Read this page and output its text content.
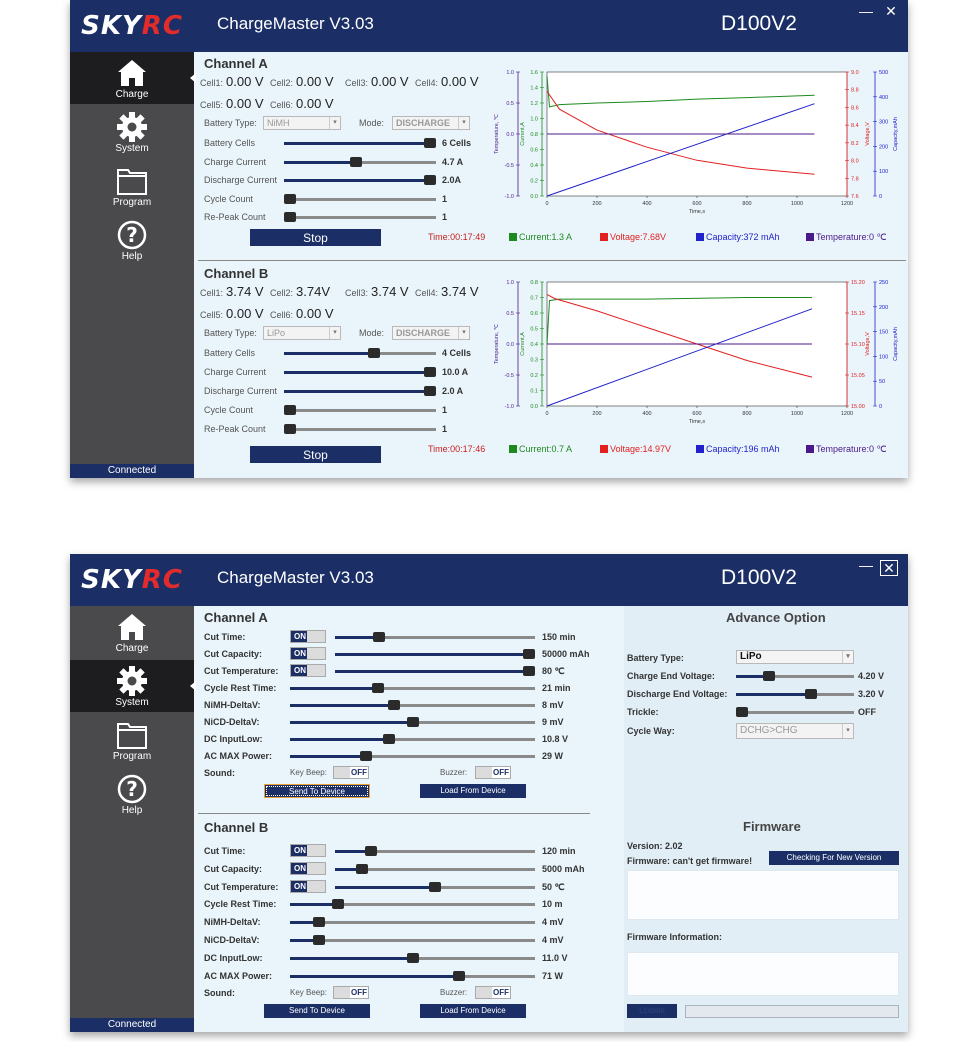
SKYRC	ChargeMaster V3.03	D100V2
— ✕
Charge
System
Program
?
Help
Connected
Channel A
Cell1: 0.00 V Cell2: 0.00 V	Cell3: 0.00 V Cell4: 0.00 V
Cell5: 0.00 V Cell6: 0.00 V
Battery Type:	NiMH	▾	Mode:	DISCHARGE	▾
Battery Cells	6 Cells
Charge Current	4.7 A
Discharge Current	2.0A
Cycle Count	1
Re-Peak Count	1
Stop	Time:00:17:49	Current:1.3 A	Voltage:7.68V	Capacity:372 mAh	Temperature:0 ℃
1.0
0.5
0.0
-0.5
-1.0
Temperature, ℃
1.6
1.4
1.2
1.0
0.8
0.6
0.4
0.2
0.0
Current,A
9.0
8.8
8.6
8.4
8.2
8.0
7.8
7.6
Voltage,V
500
400
300
200
100
0
Capacity,mAh
0	200	400	600	800	1000	1200
Time,s
Channel B
Cell1: 3.74 V Cell2: 3.74V	Cell3: 3.74 V Cell4: 3.74 V
Cell5: 0.00 V Cell6: 0.00 V
Battery Type:	LiPo	▾	Mode:	DISCHARGE	▾
Battery Cells	4 Cells
Charge Current	10.0 A
Discharge Current	2.0 A
Cycle Count	1
Re-Peak Count	1
Stop	Time:00:17:46	Current:0.7 A	Voltage:14.97V	Capacity:196 mAh	Temperature:0 ℃
1.0
0.5
0.0
-0.5
-1.0
Temperature, ℃
0.8
0.7
0.6
0.5
0.4
0.3
0.2
0.1
0.0
Current,A
15.20
15.15
15.10
15.05
15.00
Voltage,V
250
200
150
100
50
0
Capacity,mAh
0	200	400	600	800	1000	1200
Time,s
SKYRC	ChargeMaster V3.03	D100V2
— ✕
Charge
System
Program
?
Help
Connected
Channel A
Cut Time:	ON	150 min
Cut Capacity:	ON	50000 mAh
Cut Temperature:	ON	80 ℃
Cycle Rest Time:	21 min
NiMH-DeltaV:	8 mV
NiCD-DeltaV:	9 mV
DC InputLow:	10.8 V
AC MAX Power:	29 W
Sound:	Key Beep:	OFF	Buzzer:	OFF
Send To Device	Load From Device
Channel B
Cut Time:	ON	120 min
Cut Capacity:	ON	5000 mAh
Cut Temperature:	ON	50 ℃
Cycle Rest Time:	10 m
NiMH-DeltaV:	4 mV
NiCD-DeltaV:	4 mV
DC InputLow:	11.0 V
AC MAX Power:	71 W
Sound:	Key Beep:	OFF	Buzzer:	OFF
Send To Device	Load From Device
Advance Option
Battery Type:	LiPo	▾
Charge End Voltage:	4.20 V
Discharge End Voltage:	3.20 V
Trickle:	OFF
Cycle Way:	DCHG>CHG	▾
Firmware
Version: 2.02
Firmware: can't get firmware!	Checking For New Version
Firmware Information:
Update
